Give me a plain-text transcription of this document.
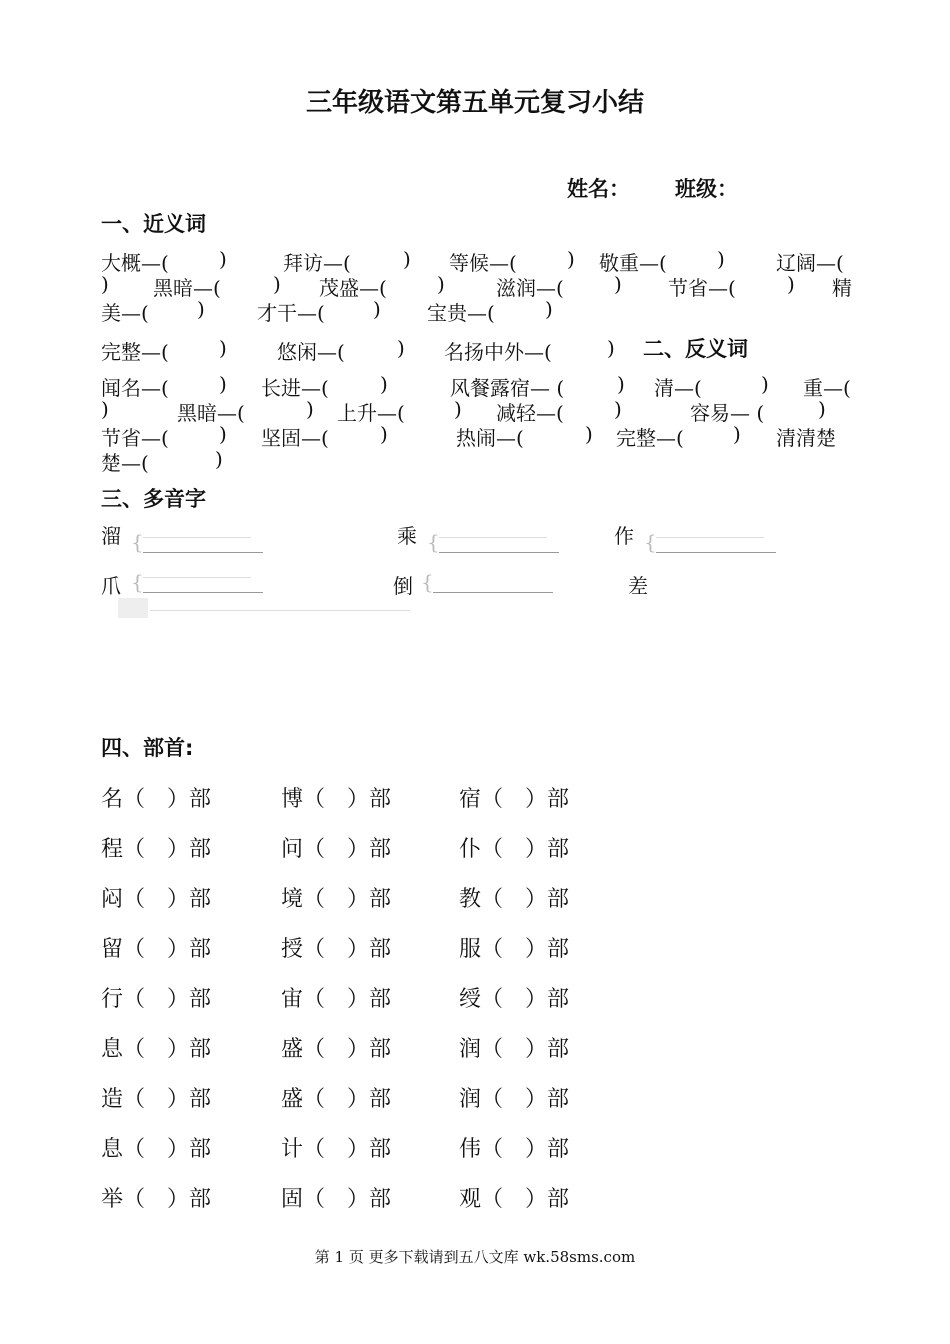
三年级语文第五单元复习小结
姓名： 班级：
一、近义词
大概—(	)	拜访—(	) 等候—(	) 敬重—(	)	辽阔—(
) 黑暗—(	) 茂盛—(	)	滋润—(	) 节省—(	) 精
美—( )	才干—( ) 宝贵—(	)
完整—(	)	悠闲—(	) 名扬中外—(	) 二、反义词
闻名—(	) 长进—(	)	风餐露宿— (	) 清—(	) 重—(
)	黑暗—(	) 上升—( ) 减轻—(	)	容易— (	)
节省—(	) 坚固—(	)	热闹—(	) 完整—( ) 清清楚
楚—(	)
三、多音字
溜 {	乘 {	作 {
爪 {	倒 {	差
四、部首:
名（　）部	博（　）部	宿（　）部
程（　）部	问（　）部	仆（　）部
闷（　）部	境（　）部	教（　）部
留（　）部	授（　）部	服（　）部
行（　）部	宙（　）部	绶（　）部
息（　）部	盛（　）部	润（　）部
造（　）部	盛（　）部	润（　）部
息（　）部	计（　）部	伟（　）部
举（　）部	固（　）部	观（　）部
第 1 页 更多下载请到五八文库 wk.58sms.com
